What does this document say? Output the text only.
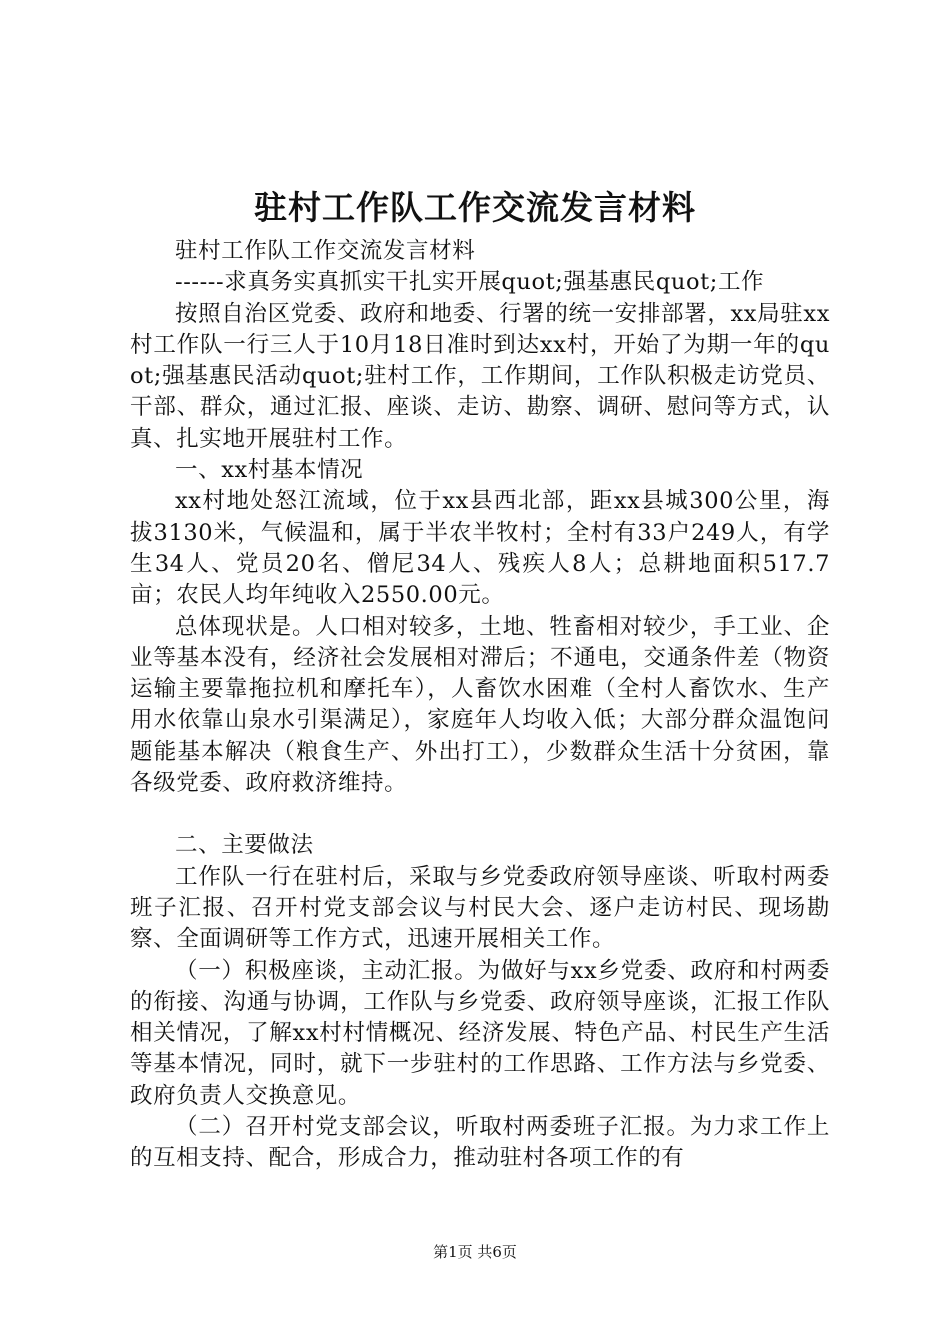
驻村工作队工作交流发言材料

驻村工作队工作交流发言材料

------求真务实真抓实干扎实开展quot;强基惠民quot;工作

按照自治区党委、政府和地委、行署的统一安排部署，xx局驻xx村工作队一行三人于10月18日准时到达xx村，开始了为期一年的quot;强基惠民活动quot;驻村工作，工作期间，工作队积极走访党员、干部、群众，通过汇报、座谈、走访、勘察、调研、慰问等方式，认真、扎实地开展驻村工作。

一、xx村基本情况

xx村地处怒江流域，位于xx县西北部，距xx县城300公里，海拔3130米，气候温和，属于半农半牧村；全村有33户249人，有学生34人、党员20名、僧尼34人、残疾人8人；总耕地面积517.7亩；农民人均年纯收入2550.00元。

总体现状是。人口相对较多，土地、牲畜相对较少，手工业、企业等基本没有，经济社会发展相对滞后；不通电，交通条件差（物资运输主要靠拖拉机和摩托车），人畜饮水困难（全村人畜饮水、生产用水依靠山泉水引渠满足），家庭年人均收入低；大部分群众温饱问题能基本解决（粮食生产、外出打工），少数群众生活十分贫困，靠各级党委、政府救济维持。

二、主要做法

工作队一行在驻村后，采取与乡党委政府领导座谈、听取村两委班子汇报、召开村党支部会议与村民大会、逐户走访村民、现场勘察、全面调研等工作方式，迅速开展相关工作。

（一）积极座谈，主动汇报。为做好与xx乡党委、政府和村两委的衔接、沟通与协调，工作队与乡党委、政府领导座谈，汇报工作队相关情况，了解xx村村情概况、经济发展、特色产品、村民生产生活等基本情况，同时，就下一步驻村的工作思路、工作方法与乡党委、政府负责人交换意见。

（二）召开村党支部会议，听取村两委班子汇报。为力求工作上的互相支持、配合，形成合力，推动驻村各项工作的有

第1页 共6页
